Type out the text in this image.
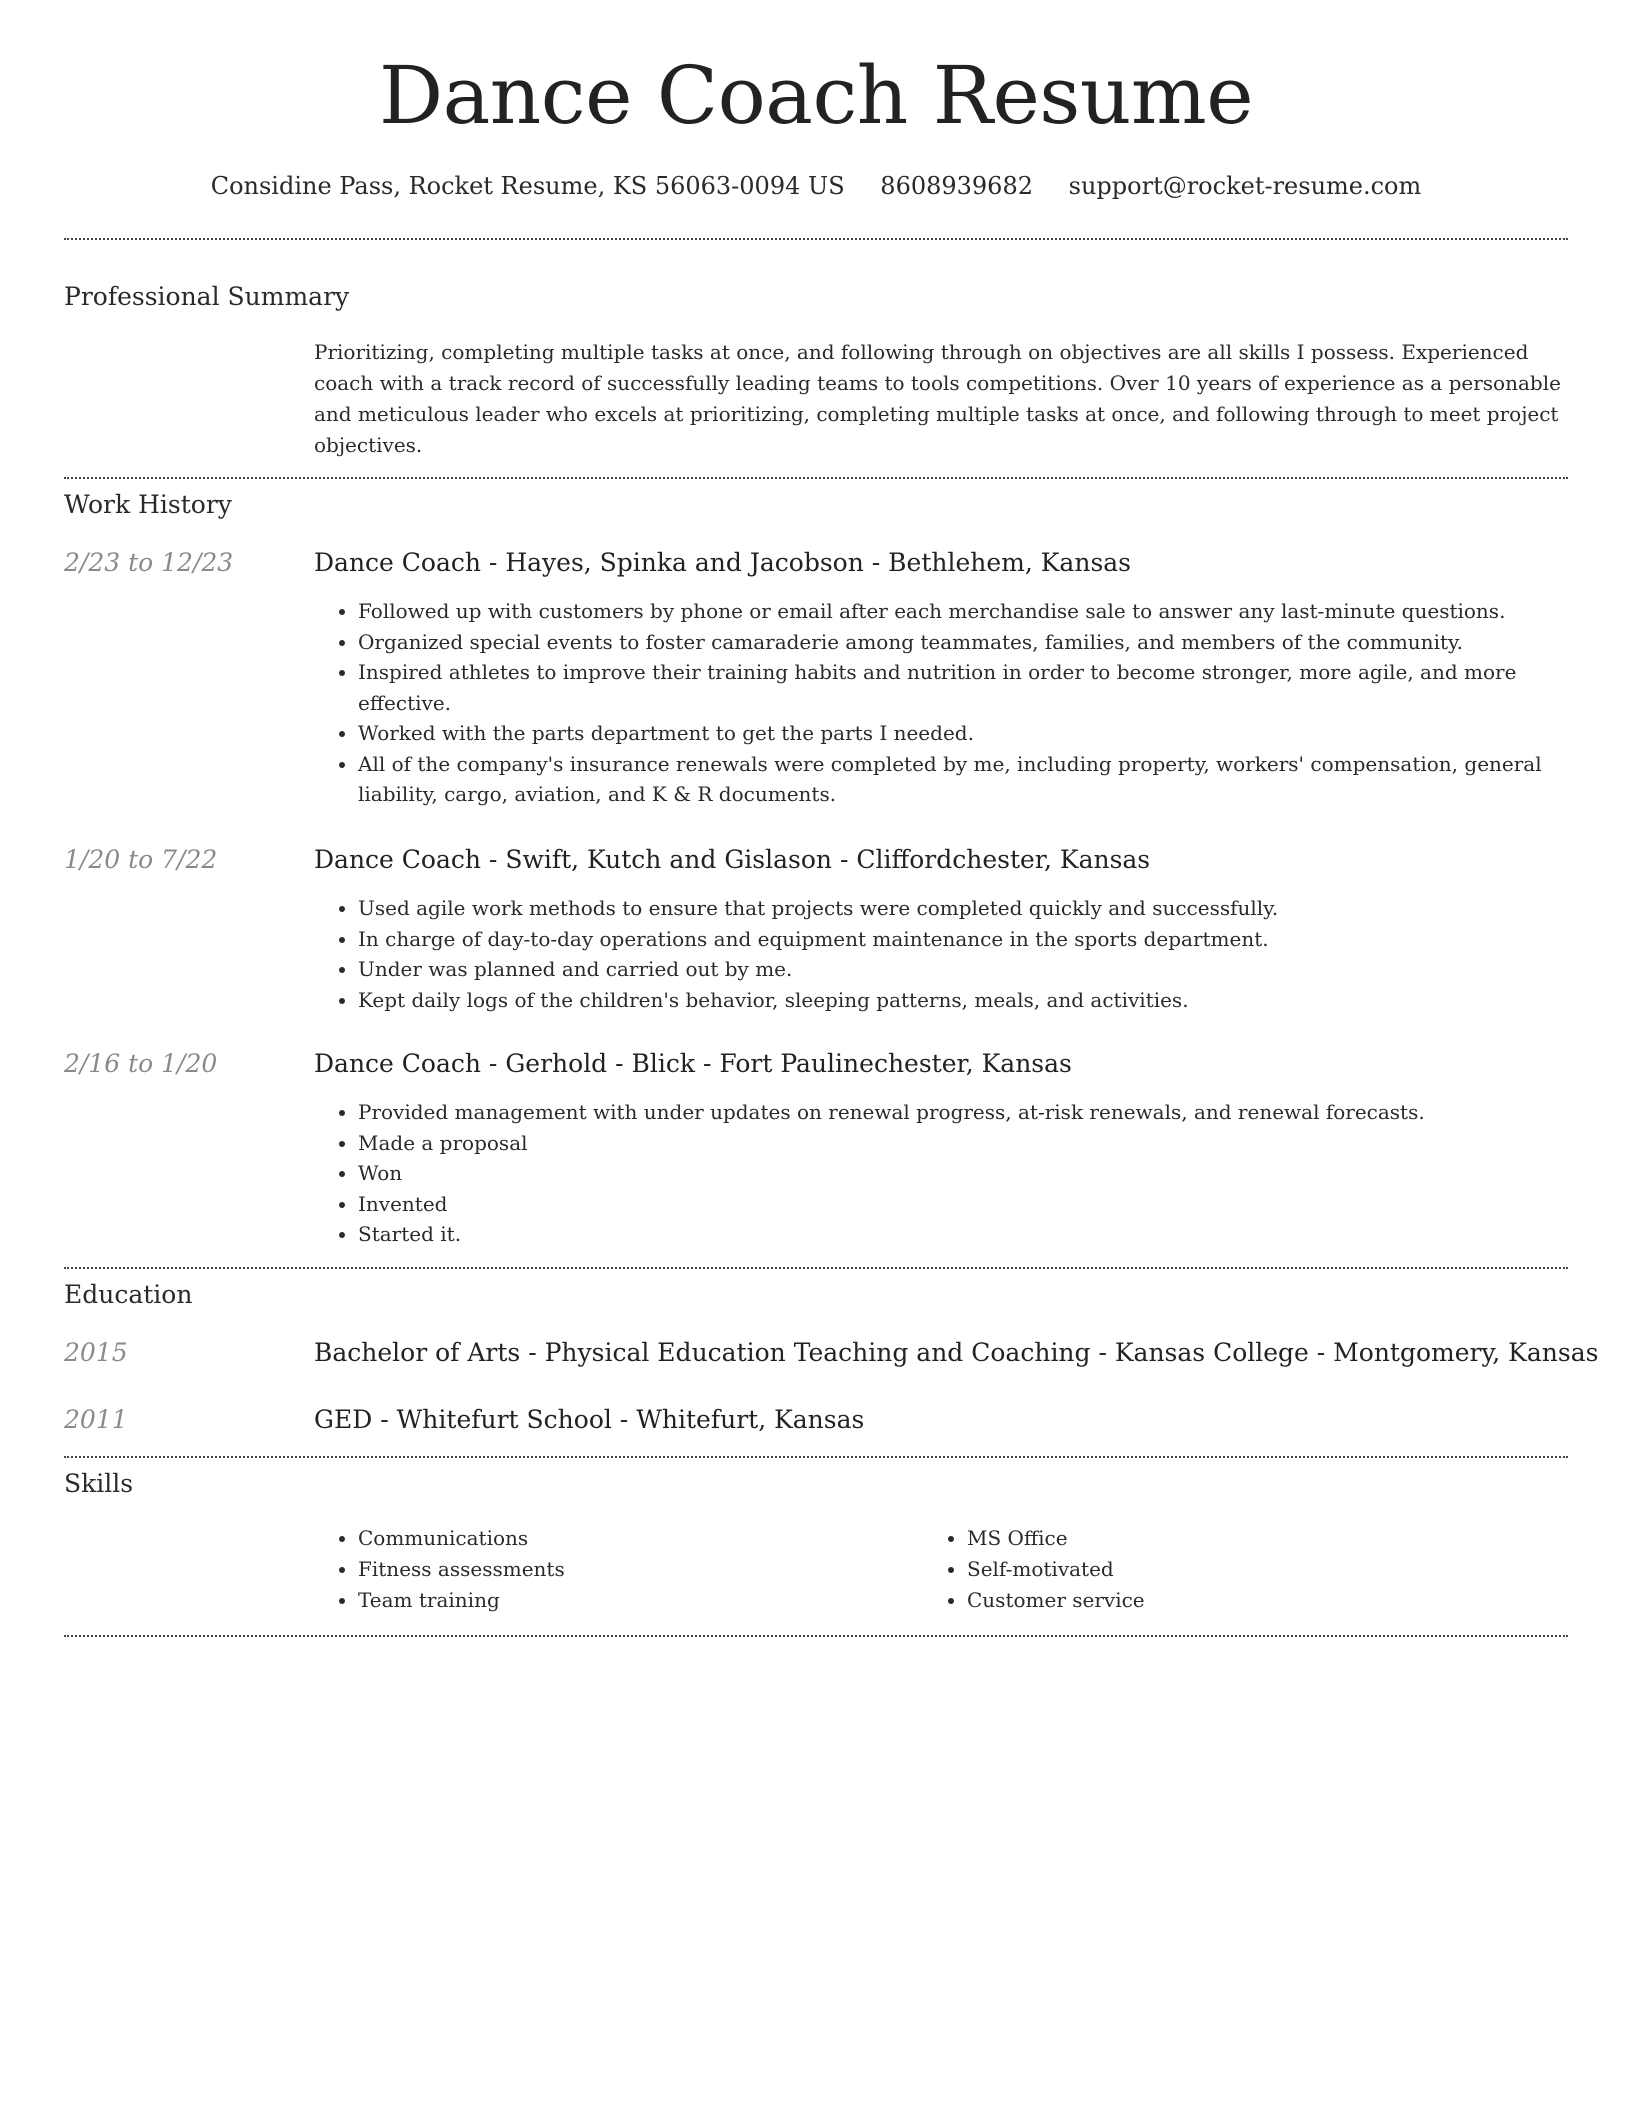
Dance Coach Resume
Considine Pass, Rocket Resume, KS 56063-0094 US 8608939682 support@rocket-resume.com
Professional Summary
Prioritizing, completing multiple tasks at once, and following through on objectives are all skills I possess. Experienced coach with a track record of successfully leading teams to tools competitions. Over 10 years of experience as a personable and meticulous leader who excels at prioritizing, completing multiple tasks at once, and following through to meet project objectives.
Work History
2/23 to 12/23	Dance Coach - Hayes, Spinka and Jacobson - Bethlehem, Kansas
• Followed up with customers by phone or email after each merchandise sale to answer any last-minute questions.
• Organized special events to foster camaraderie among teammates, families, and members of the community.
• Inspired athletes to improve their training habits and nutrition in order to become stronger, more agile, and more effective.
• Worked with the parts department to get the parts I needed.
• All of the company's insurance renewals were completed by me, including property, workers' compensation, general liability, cargo, aviation, and K & R documents.
1/20 to 7/22	Dance Coach - Swift, Kutch and Gislason - Cliffordchester, Kansas
• Used agile work methods to ensure that projects were completed quickly and successfully.
• In charge of day-to-day operations and equipment maintenance in the sports department.
• Under was planned and carried out by me.
• Kept daily logs of the children's behavior, sleeping patterns, meals, and activities.
2/16 to 1/20	Dance Coach - Gerhold - Blick - Fort Paulinechester, Kansas
• Provided management with under updates on renewal progress, at-risk renewals, and renewal forecasts.
• Made a proposal
• Won
• Invented
• Started it.
Education
2015	Bachelor of Arts - Physical Education Teaching and Coaching - Kansas College - Montgomery, Kansas
2011	GED - Whitefurt School - Whitefurt, Kansas
Skills
• Communications
• Fitness assessments
• Team training
• MS Office
• Self-motivated
• Customer service
